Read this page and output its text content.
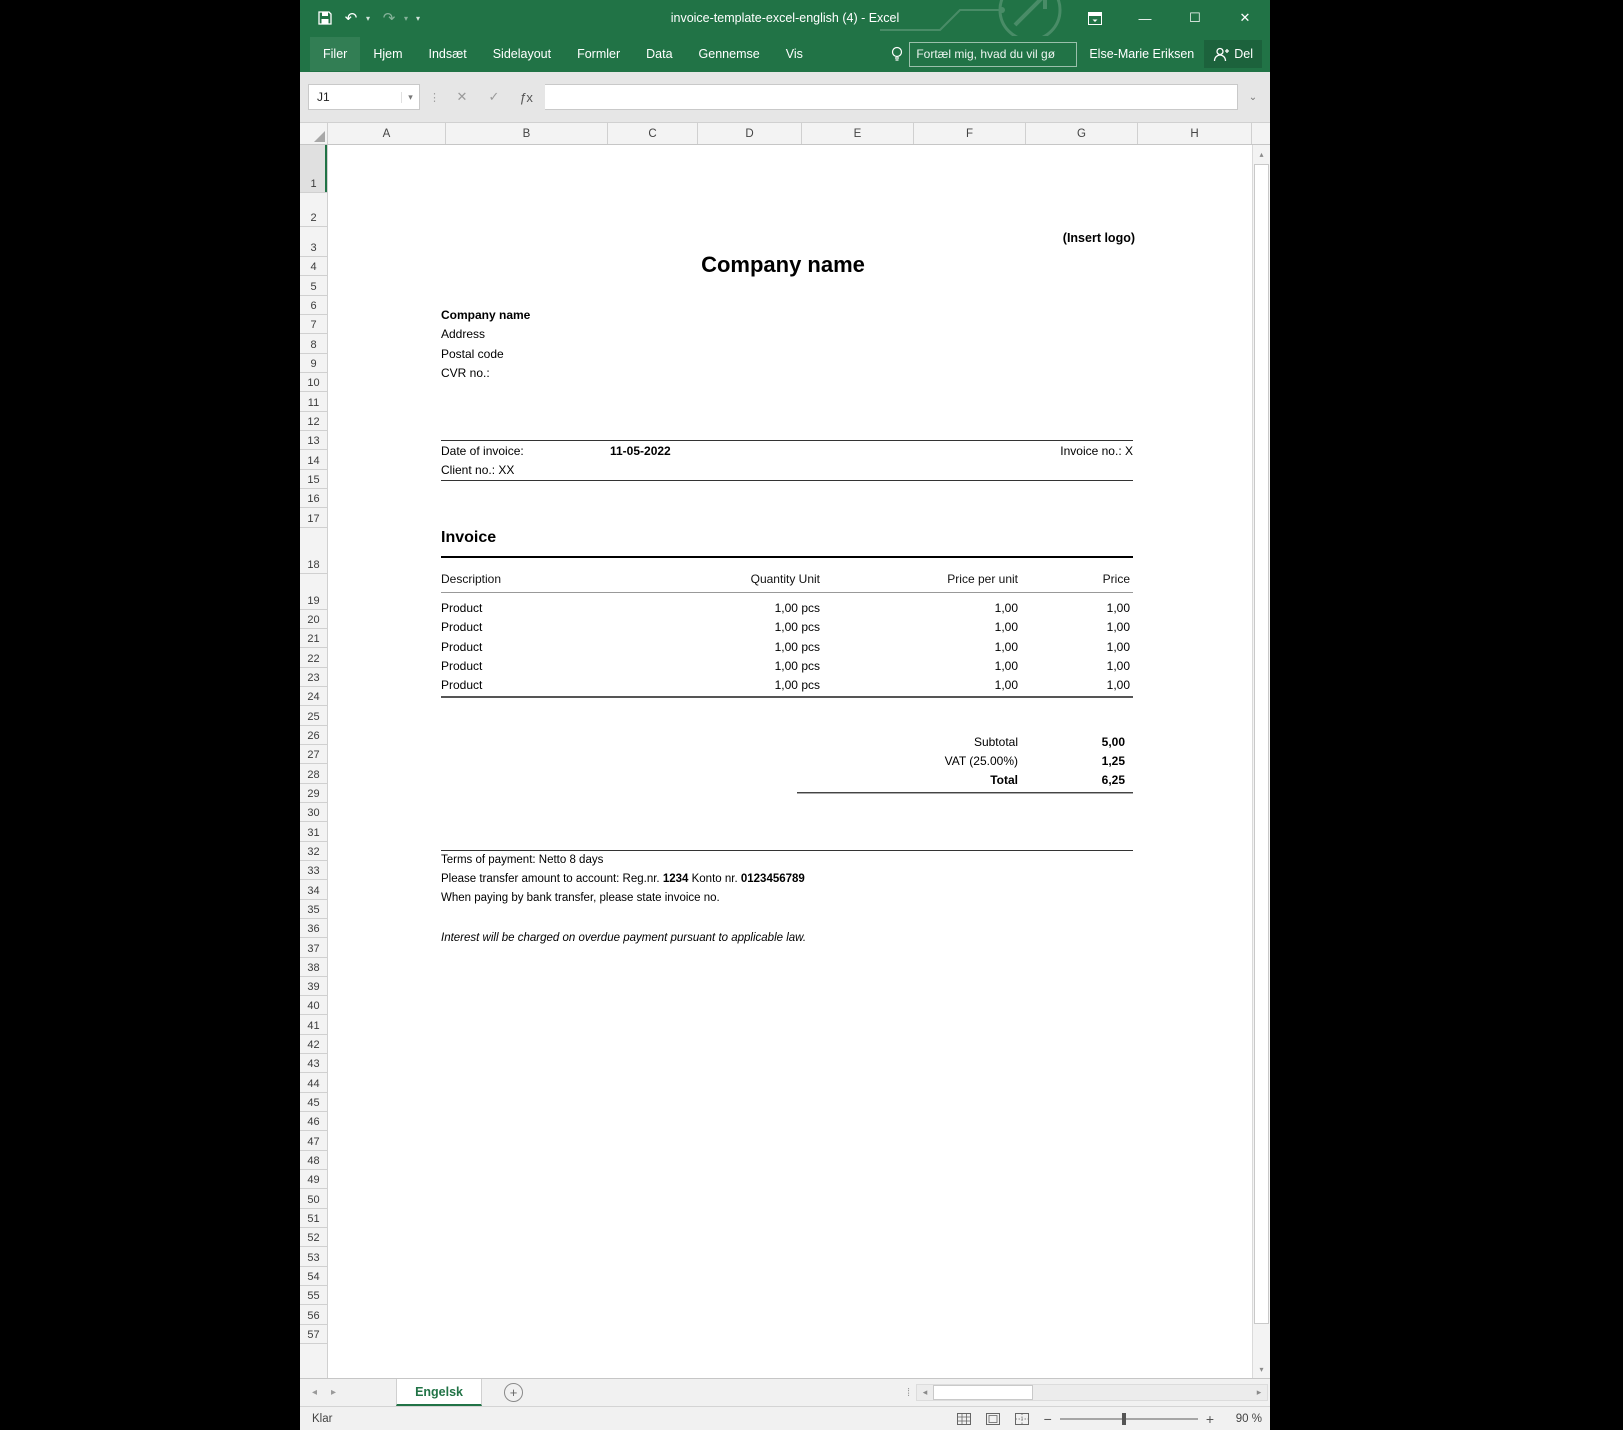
↶	▾ ↷	▾ ▾	invoice-template-excel-english (4) - Excel	—	☐	✕
Filer	Hjem	Indsæt	Sidelayout	Formler	Data	Gennemse	Vis	Fortæl mig, hvad du vil gø	Else-Marie Eriksen	Del
J1	▾	⋮	✕	✓	ƒ x	⌄
A	B	C	D	E	F	G	H
1
2
3
4
5
6
7
8
9
10
11
12
13
14
15
16
17
18
19
20
21
22
23
24
25
26
27
28
29
30
31
32
33
34
35
36
37
38
39
40
41
42
43
44
45
46
47
48
49
50
51
52
53
54
55
56
57
(Insert logo)
Company name
Company name
Address
Postal code
CVR no.:
Date of invoice:	11-05-2022	Invoice no.: X
Client no.: XX
Invoice
Description	Quantity Unit	Price per unit	Price
Product	1,00 pcs	1,00	1,00
Product	1,00 pcs	1,00	1,00
Product	1,00 pcs	1,00	1,00
Product	1,00 pcs	1,00	1,00
Product	1,00 pcs	1,00	1,00
Subtotal	5,00
VAT (25.00%)	1,25
Total	6,25
Terms of payment: Netto 8 days
Please transfer amount to account: Reg.nr. 1234 Konto nr. 0123456789
When paying by bank transfer, please state invoice no.
Interest will be charged on overdue payment pursuant to applicable law.
▴
▾
◂ ▸	Engelsk	+	⁞	◂	▸
Klar	−	+	90 %
